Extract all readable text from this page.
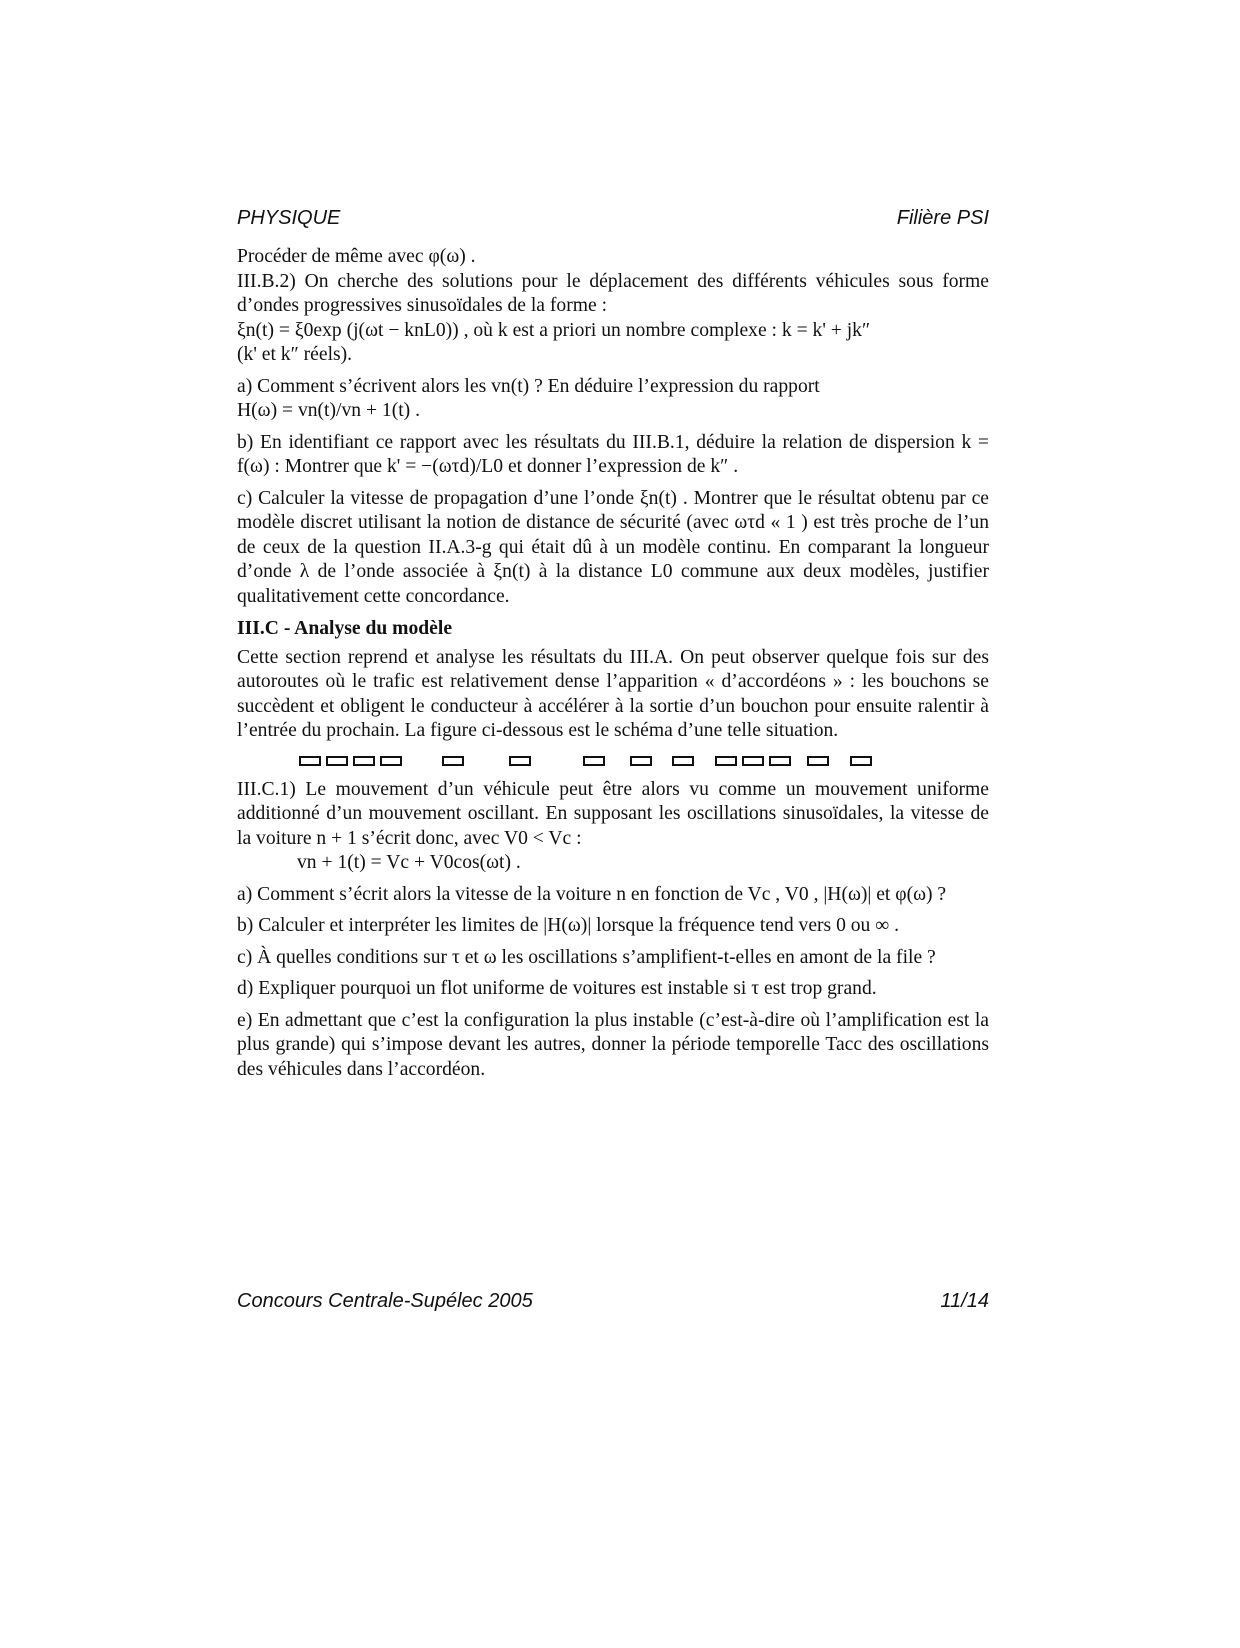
PHYSIQUE	Filière PSI

Procéder de même avec φ(ω) .

III.B.2) On cherche des solutions pour le déplacement des différents véhicules sous forme d’ondes progressives sinusoïdales de la forme :

ξn(t) = ξ0exp (j(ωt − knL0)) , où k est a priori un nombre complexe : k = k' + jk″

(k' et k″ réels).

a) Comment s’écrivent alors les vn(t) ? En déduire l’expression du rapport

H(ω) = vn(t)/vn + 1(t) .

b) En identifiant ce rapport avec les résultats du III.B.1, déduire la relation de dispersion k = f(ω) : Montrer que k' = −(ωτd)/L0 et donner l’expression de k″ .

c) Calculer la vitesse de propagation d’une l’onde ξn(t) . Montrer que le résultat obtenu par ce modèle discret utilisant la notion de distance de sécurité (avec ωτd « 1 ) est très proche de l’un de ceux de la question II.A.3-g qui était dû à un modèle continu. En comparant la longueur d’onde λ de l’onde associée à ξn(t) à la distance L0 commune aux deux modèles, justifier qualitativement cette concordance.

III.C - Analyse du modèle

Cette section reprend et analyse les résultats du III.A. On peut observer quelque fois sur des autoroutes où le trafic est relativement dense l’apparition « d’accordéons » : les bouchons se succèdent et obligent le conducteur à accélérer à la sortie d’un bouchon pour ensuite ralentir à l’entrée du prochain. La figure ci-dessous est le schéma d’une telle situation.

III.C.1) Le mouvement d’un véhicule peut être alors vu comme un mouvement uniforme additionné d’un mouvement oscillant. En supposant les oscillations sinusoïdales, la vitesse de la voiture n + 1 s’écrit donc, avec V0 < Vc :

vn + 1(t) = Vc + V0cos(ωt) .

a) Comment s’écrit alors la vitesse de la voiture n en fonction de Vc , V0 , |H(ω)| et φ(ω) ?

b) Calculer et interpréter les limites de |H(ω)| lorsque la fréquence tend vers 0 ou ∞ .

c) À quelles conditions sur τ et ω les oscillations s’amplifient-t-elles en amont de la file ?

d) Expliquer pourquoi un flot uniforme de voitures est instable si τ est trop grand.

e) En admettant que c’est la configuration la plus instable (c’est-à-dire où l’amplification est la plus grande) qui s’impose devant les autres, donner la période temporelle Tacc des oscillations des véhicules dans l’accordéon.

Concours Centrale-Supélec 2005	11/14
